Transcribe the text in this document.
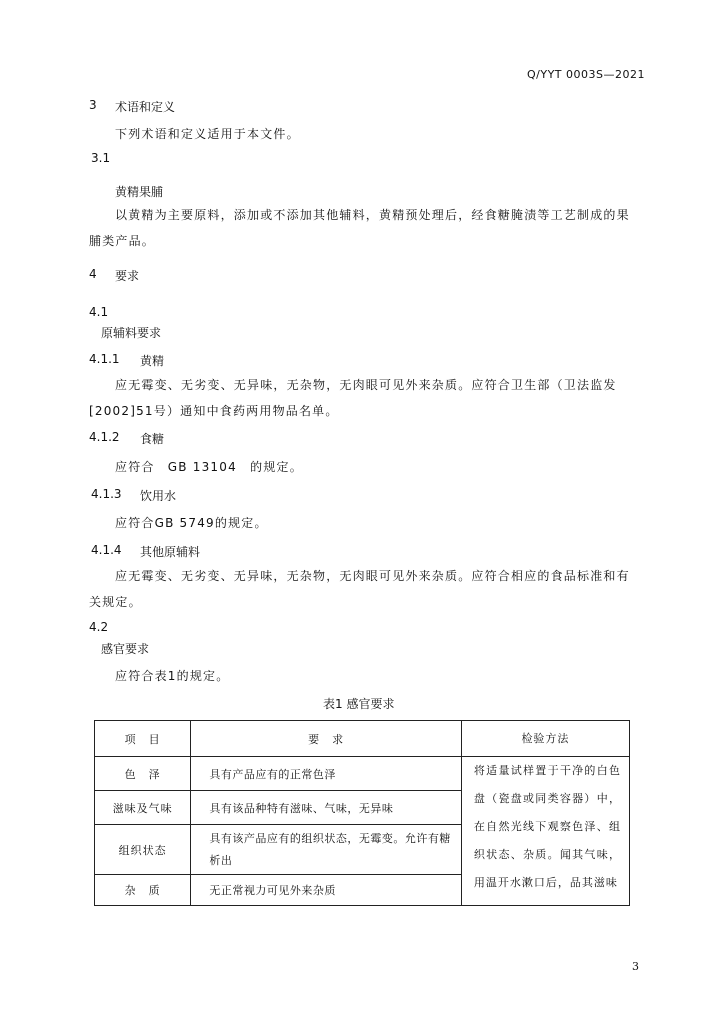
Q/YYT 0003S—2021
3 术语和定义
下列术语和定义适用于本文件。
3.1
黄精果脯
以黄精为主要原料，添加或不添加其他辅料，黄精预处理后，经食糖腌渍等工艺制成的果脯类产品。
4 要求
4.1
原辅料要求
4.1.1 黄精
应无霉变、无劣变、无异味，无杂物，无肉眼可见外来杂质。应符合卫生部（卫法监发[2002]51号）通知中食药两用物品名单。
4.1.2 食糖
应符合　GB 13104　的规定。
4.1.3 饮用水
应符合GB 5749的规定。
4.1.4 其他原辅料
应无霉变、无劣变、无异味，无杂物，无肉眼可见外来杂质。应符合相应的食品标准和有关规定。
4.2
感官要求
应符合表1的规定。
表1 感官要求
项　目	要　求	检验方法
色　泽	具有产品应有的正常色泽	将适量试样置于干净的白色盘（瓷盘或同类容器）中，在自然光线下观察色泽、组织状态、杂质。闻其气味，用温开水漱口后，品其滋味
滋味及气味	具有该品种特有滋味、气味，无异味	
组织状态	具有该产品应有的组织状态，无霉变。允许有糖析出	
杂　质	无正常视力可见外来杂质	
3
